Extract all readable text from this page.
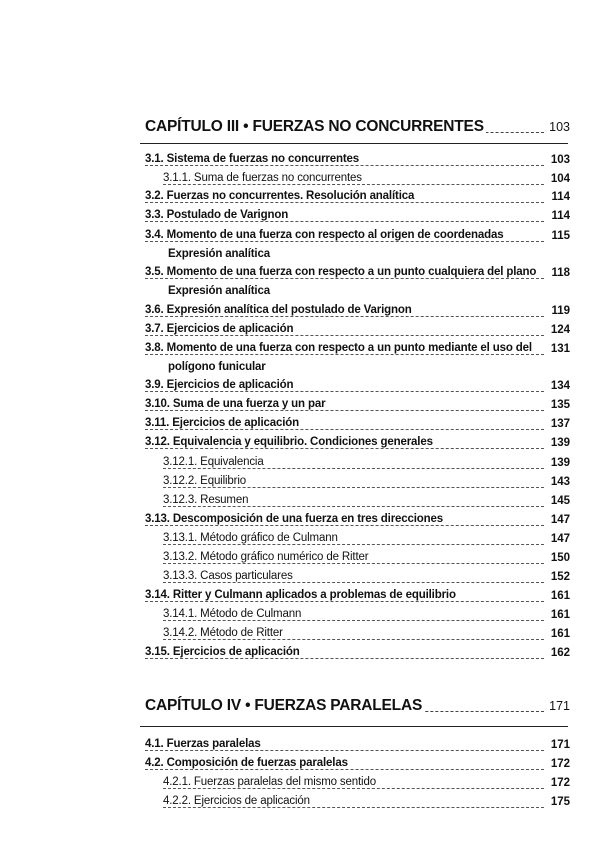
CAPÍTULO III • FUERZAS NO CONCURRENTES	103
3.1. Sistema de fuerzas no concurrentes	103
3.1.1. Suma de fuerzas no concurrentes	104
3.2. Fuerzas no concurrentes. Resolución analítica	114
3.3. Postulado de Varignon	114
3.4. Momento de una fuerza con respecto al origen de coordenadas	115
Expresión analítica
3.5. Momento de una fuerza con respecto a un punto cualquiera del plano 118
Expresión analítica
3.6. Expresión analítica del postulado de Varignon	119
3.7. Ejercicios de aplicación	124
3.8. Momento de una fuerza con respecto a un punto mediante el uso del 131
polígono funicular
3.9. Ejercicios de aplicación	134
3.10. Suma de una fuerza y un par	135
3.11. Ejercicios de aplicación	137
3.12. Equivalencia y equilibrio. Condiciones generales	139
3.12.1. Equivalencia	139
3.12.2. Equilibrio	143
3.12.3. Resumen	145
3.13. Descomposición de una fuerza en tres direcciones	147
3.13.1. Método gráfico de Culmann	147
3.13.2. Método gráfico numérico de Ritter	150
3.13.3. Casos particulares	152
3.14. Ritter y Culmann aplicados a problemas de equilibrio	161
3.14.1. Método de Culmann	161
3.14.2. Método de Ritter	161
3.15. Ejercicios de aplicación	162
CAPÍTULO IV • FUERZAS PARALELAS	171
4.1. Fuerzas paralelas	171
4.2. Composición de fuerzas paralelas	172
4.2.1. Fuerzas paralelas del mismo sentido	172
4.2.2. Ejercicios de aplicación	175
